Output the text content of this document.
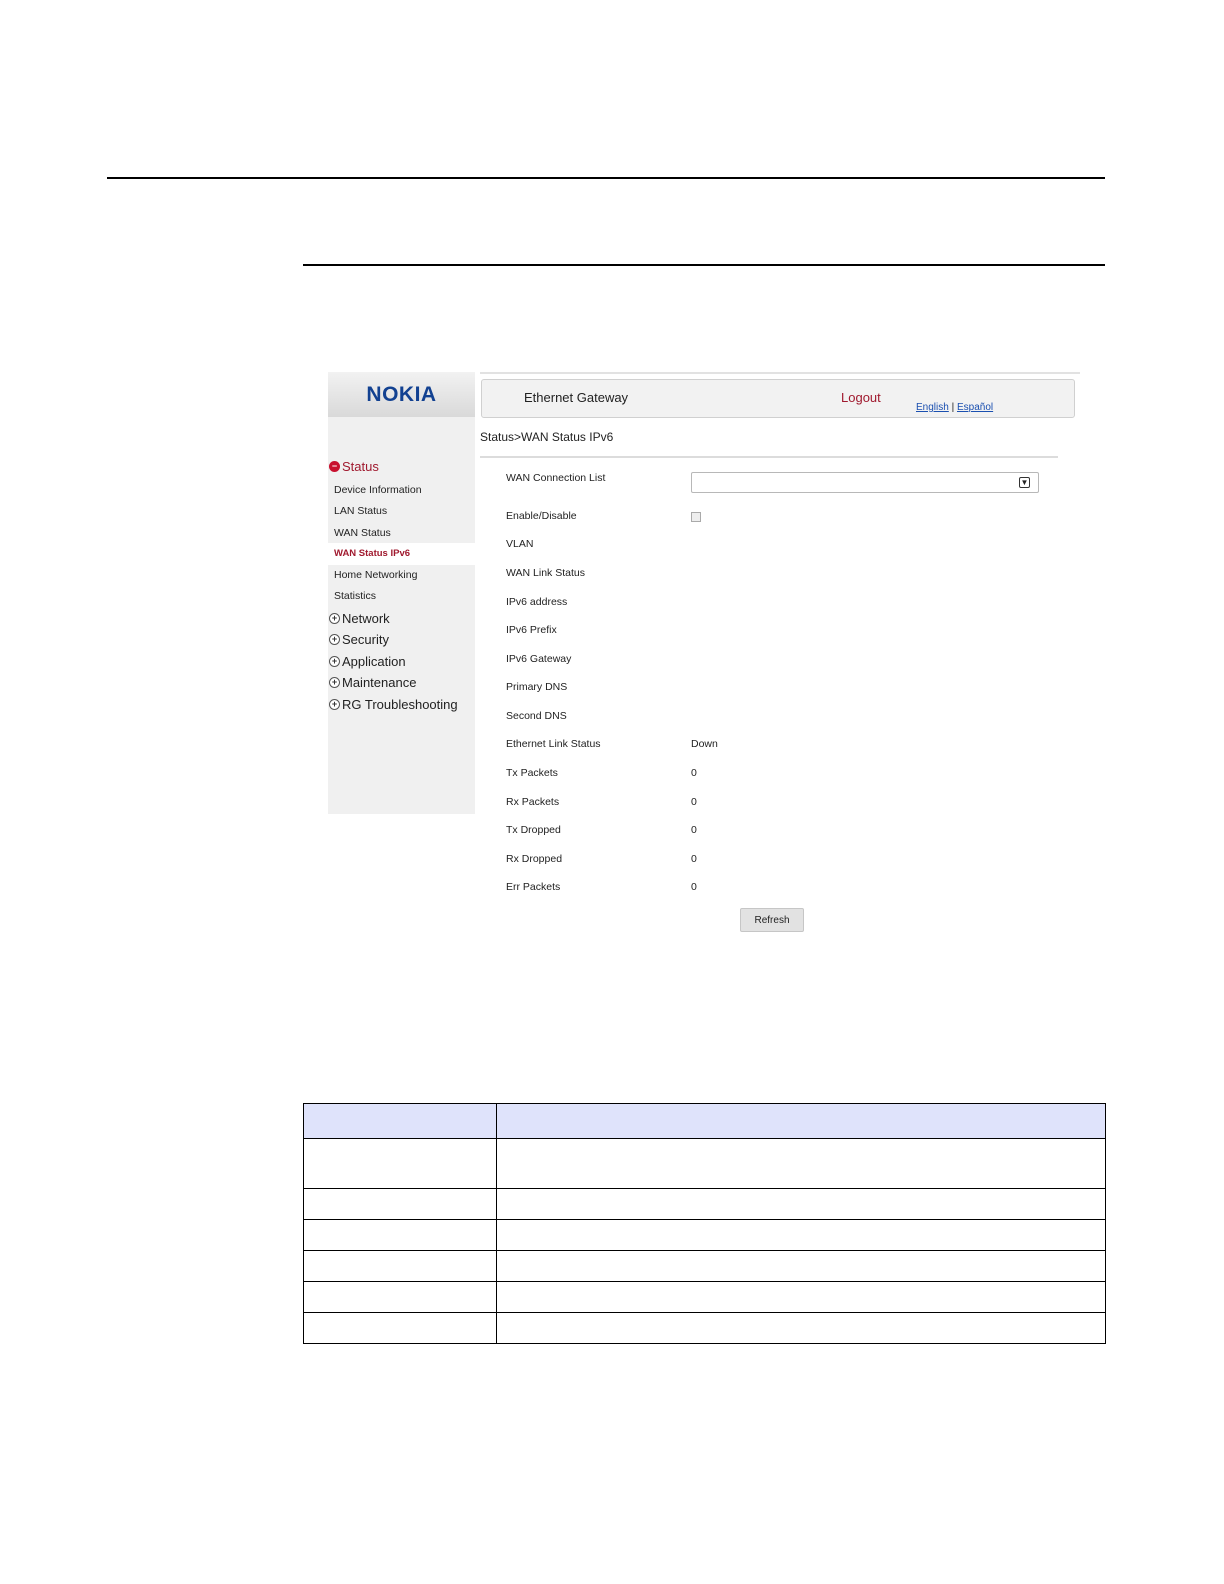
NOKIA
− Status
Device Information
LAN Status
WAN Status
WAN Status IPv6
Home Networking
Statistics
+ Network
+ Security
+ Application
+ Maintenance
+ RG Troubleshooting
Ethernet Gateway	Logout
English | Español
Status>WAN Status IPv6
WAN Connection List	▼
Enable/Disable
VLAN
WAN Link Status
IPv6 address
IPv6 Prefix
IPv6 Gateway
Primary DNS
Second DNS
Ethernet Link Status	Down
Tx Packets	0
Rx Packets	0
Tx Dropped	0
Rx Dropped	0
Err Packets	0
Refresh
